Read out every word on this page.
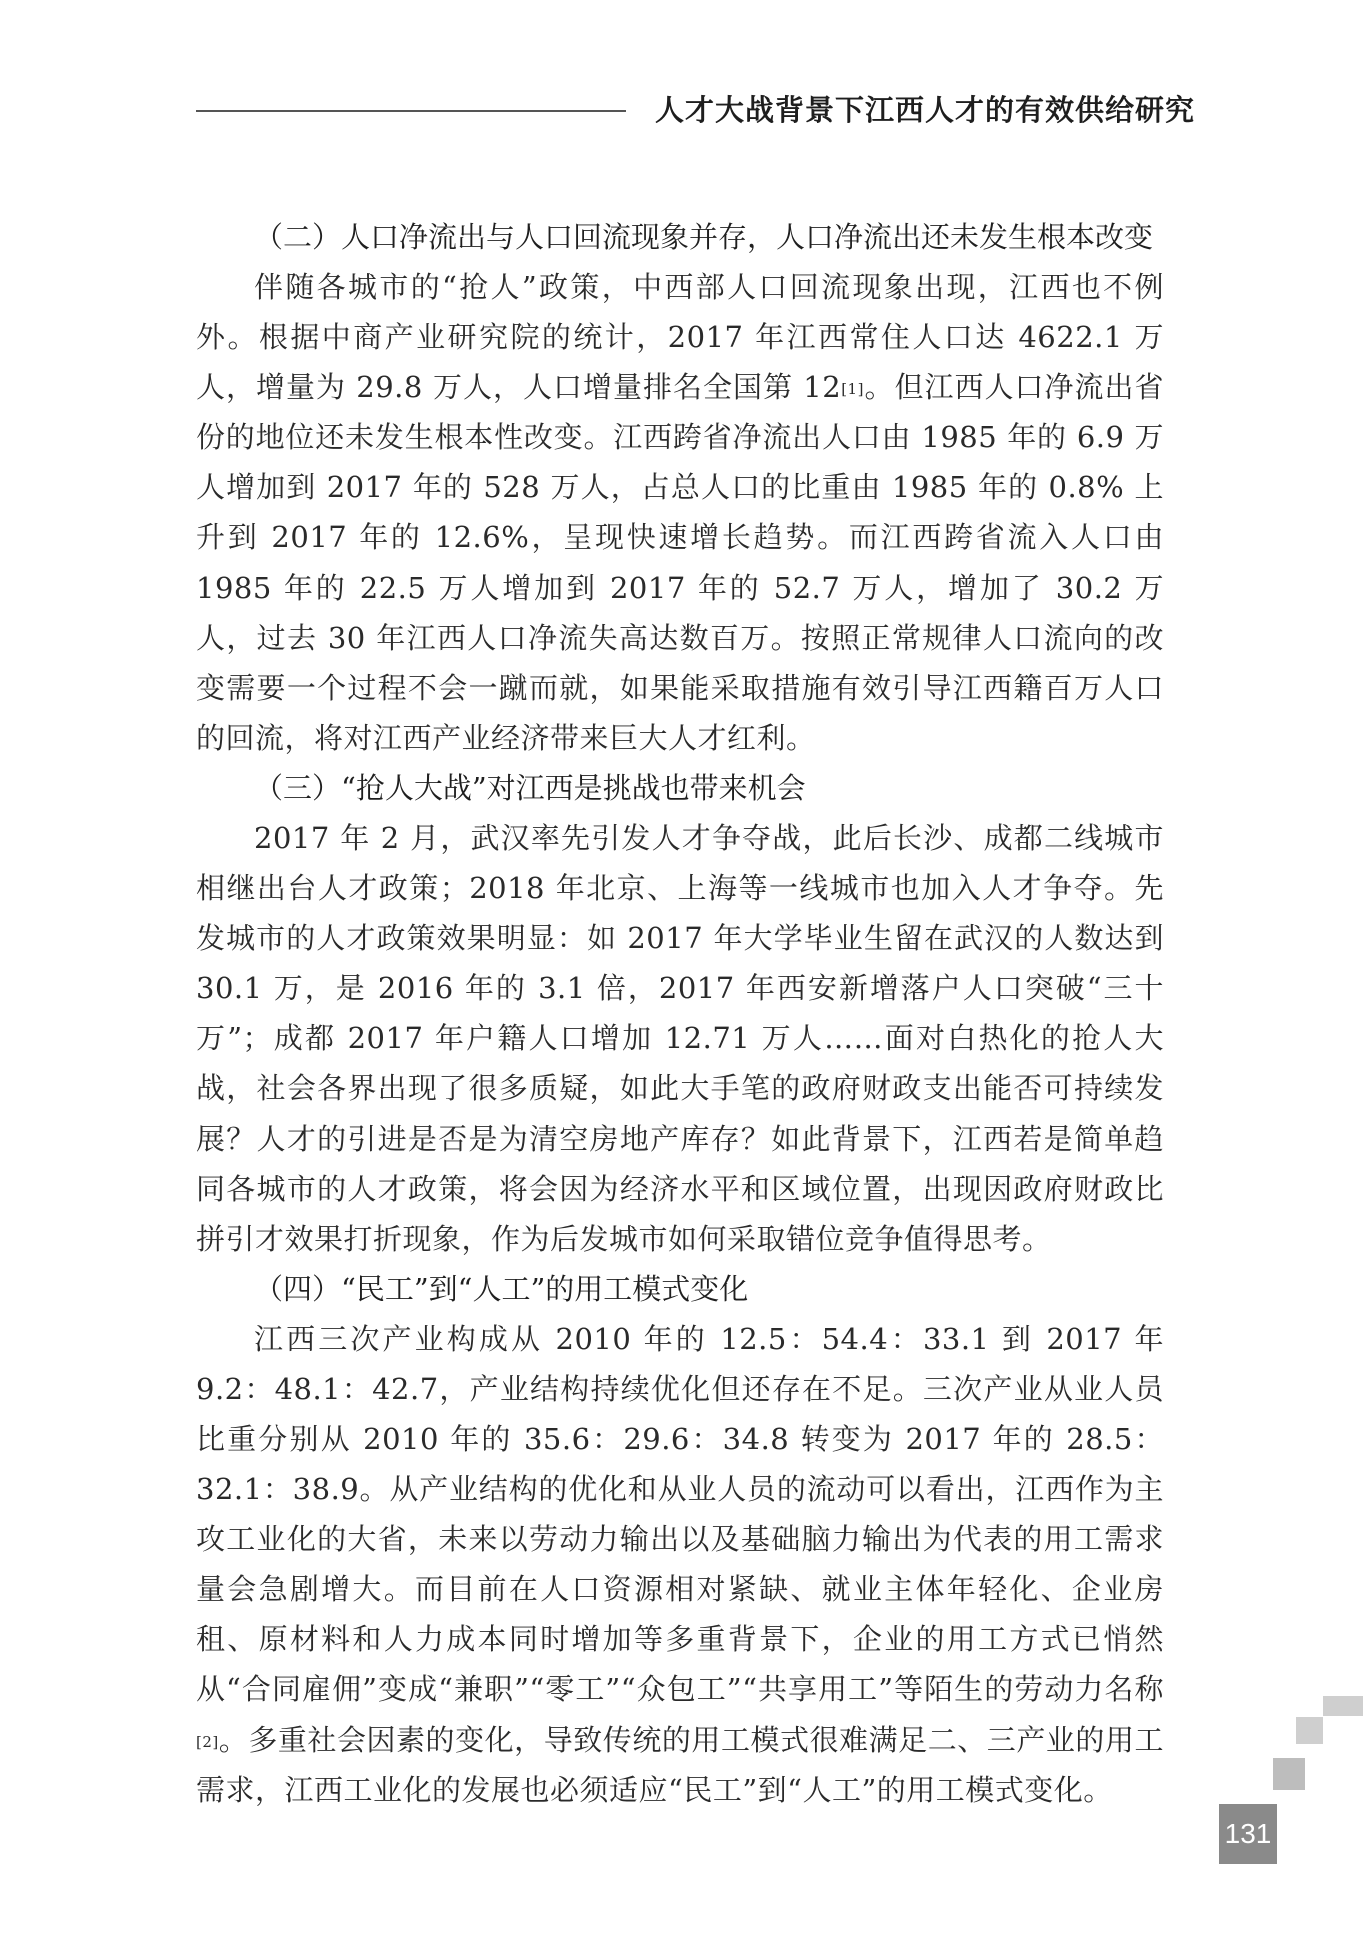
人才大战背景下江西人才的有效供给研究

（二）人口净流出与人口回流现象并存，人口净流出还未发生根本改变

伴随各城市的“抢人”政策，中西部人口回流现象出现，江西也不例外。根据中商产业研究院的统计，2017 年江西常住人口达 4622.1 万人，增量为 29.8 万人，人口增量排名全国第 12[1]。但江西人口净流出省份的地位还未发生根本性改变。江西跨省净流出人口由 1985 年的 6.9 万人增加到 2017 年的 528 万人，占总人口的比重由 1985 年的 0.8% 上升到 2017 年的 12.6%，呈现快速增长趋势。而江西跨省流入人口由 1985 年的 22.5 万人增加到 2017 年的 52.7 万人，增加了 30.2 万人，过去 30 年江西人口净流失高达数百万。按照正常规律人口流向的改变需要一个过程不会一蹴而就，如果能采取措施有效引导江西籍百万人口的回流，将对江西产业经济带来巨大人才红利。

（三）“抢人大战”对江西是挑战也带来机会

2017 年 2 月，武汉率先引发人才争夺战，此后长沙、成都二线城市相继出台人才政策；2018 年北京、上海等一线城市也加入人才争夺。先发城市的人才政策效果明显：如 2017 年大学毕业生留在武汉的人数达到 30.1 万，是 2016 年的 3.1 倍，2017 年西安新增落户人口突破“三十万”；成都 2017 年户籍人口增加 12.71 万人……面对白热化的抢人大战，社会各界出现了很多质疑，如此大手笔的政府财政支出能否可持续发展？人才的引进是否是为清空房地产库存？如此背景下，江西若是简单趋同各城市的人才政策，将会因为经济水平和区域位置，出现因政府财政比拼引才效果打折现象，作为后发城市如何采取错位竞争值得思考。

（四）“民工”到“人工”的用工模式变化

江西三次产业构成从 2010 年的 12.5：54.4：33.1 到 2017 年 9.2：48.1：42.7，产业结构持续优化但还存在不足。三次产业从业人员比重分别从 2010 年的 35.6：29.6：34.8 转变为 2017 年的 28.5：32.1：38.9。从产业结构的优化和从业人员的流动可以看出，江西作为主攻工业化的大省，未来以劳动力输出以及基础脑力输出为代表的用工需求量会急剧增大。而目前在人口资源相对紧缺、就业主体年轻化、企业房租、原材料和人力成本同时增加等多重背景下，企业的用工方式已悄然从“合同雇佣”变成“兼职”“零工”“众包工”“共享用工”等陌生的劳动力名称[2]。多重社会因素的变化，导致传统的用工模式很难满足二、三产业的用工需求，江西工业化的发展也必须适应“民工”到“人工”的用工模式变化。

131
